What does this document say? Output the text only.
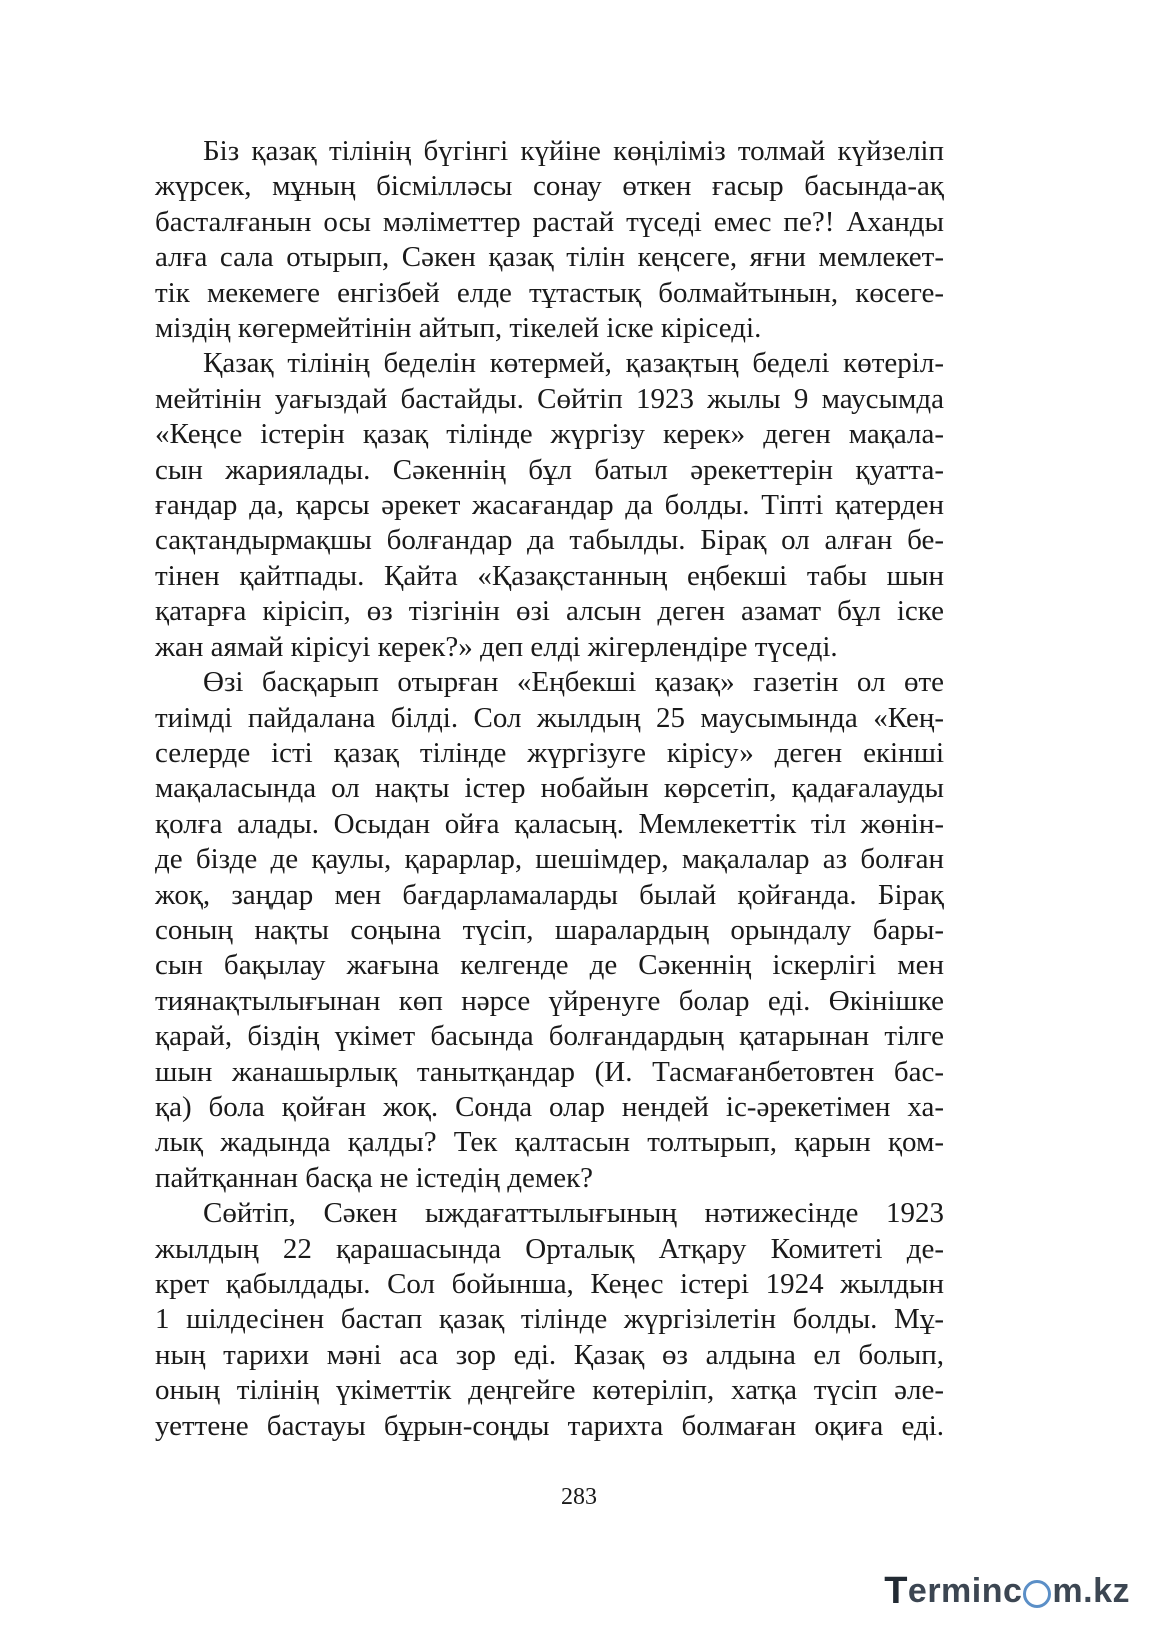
Біз қазақ тілінің бүгінгі күйіне көңіліміз толмай күйзеліп
жүрсек, мұның бісміллəсы сонау өткен ғасыр басында-ақ
басталғанын осы мəліметтер растай түседі емес пе?! Аханды
алға сала отырып, Сəкен қазақ тілін кеңсеге, яғни мемлекет-
тік мекемеге енгізбей елде тұтастық болмайтынын, көсеге-
міздің көгермейтінін айтып, тікелей іске кіріседі.

Қазақ тілінің беделін көтермей, қазақтың беделі көтеріл-
мейтінін уағыздай бастайды. Сөйтіп 1923 жылы 9 маусымда
«Кеңсе істерін қазақ тілінде жүргізу керек» деген мақала-
сын жариялады. Сəкеннің бұл батыл əрекеттерін қуатта-
ғандар да, қарсы əрекет жасағандар да болды. Тіпті қатерден
сақтандырмақшы болғандар да табылды. Бірақ ол алған бе-
тінен қайтпады. Қайта «Қазақстанның еңбекші табы шын
қатарға кірісіп, өз тізгінін өзі алсын деген азамат бұл іске
жан аямай кірісуі керек?» деп елді жігерлендіре түседі.

Өзі басқарып отырған «Еңбекші қазақ» газетін ол өте
тиімді пайдалана білді. Сол жылдың 25 маусымында «Кең-
селерде істі қазақ тілінде жүргізуге кірісу» деген екінші
мақаласында ол нақты істер нобайын көрсетіп, қадағалауды
қолға алады. Осыдан ойға қаласың. Мемлекеттік тіл жөнін-
де бізде де қаулы, қарарлар, шешімдер, мақалалар аз болған
жоқ, заңдар мен бағдарламаларды былай қойғанда. Бірақ
соның нақты соңына түсіп, шаралардың орындалу бары-
сын бақылау жағына келгенде де Сəкеннің іскерлігі мен
тиянақтылығынан көп нəрсе үйренуге болар еді. Өкінішке
қарай, біздің үкімет басында болғандардың қатарынан тілге
шын жанашырлық танытқандар (И. Тасмағанбетовтен бас-
қа) бола қойған жоқ. Сонда олар нендей іс-əрекетімен ха-
лық жадында қалды? Тек қалтасын толтырып, қарын қом-
пайтқаннан басқа не істедің демек?

Сөйтіп, Сəкен ыждағаттылығының нəтижесінде 1923
жылдың 22 қарашасында Орталық Атқару Комитеті де-
крет қабылдады. Сол бойынша, Кеңес істері 1924 жылдын
1 шілдесінен бастап қазақ тілінде жүргізілетін болды. Мұ-
ның тарихи мəні аса зор еді. Қазақ өз алдына ел болып,
оның тілінің үкіметтік деңгейге көтеріліп, хатқа түсіп əле-
уеттене бастауы бұрын-соңды тарихта болмаған оқиға еді.

283
T erminc m.kz
